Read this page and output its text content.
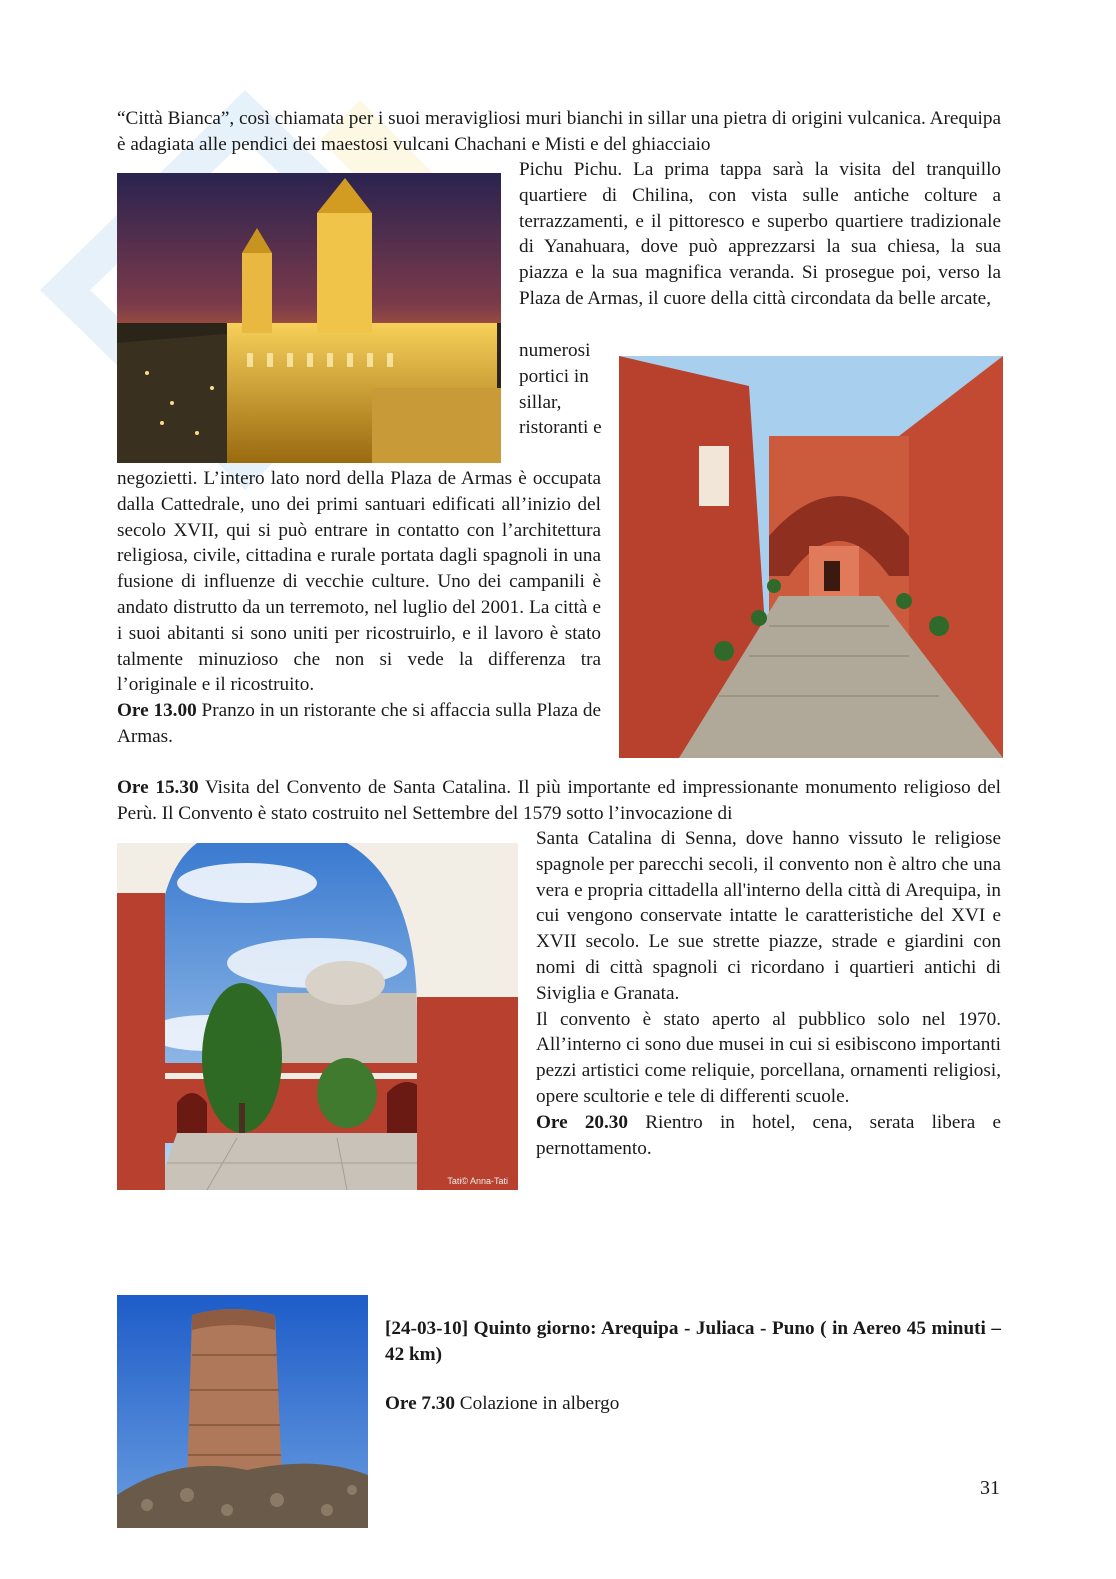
“Città Bianca”, così chiamata per i suoi meravigliosi muri bianchi in sillar una pietra di origini vulcanica. Arequipa è adagiata alle pendici dei maestosi vulcani Chachani e Misti e del ghiacciaio
Pichu Pichu. La prima tappa sarà la visita del tranquillo quartiere di Chilina, con vista sulle antiche colture a terrazzamenti, e il pittoresco e superbo quartiere tradizionale di Yanahuara, dove può apprezzarsi la sua chiesa, la sua piazza e la sua magnifica veranda. Si prosegue poi, verso la Plaza de Armas, il cuore della città circondata da belle arcate,
numerosi portici in sillar, ristoranti e
negozietti. L’intero lato nord della Plaza de Armas è occupata dalla Cattedrale, uno dei primi santuari edificati all’inizio del secolo XVII, qui si può entrare in contatto con l’architettura religiosa, civile, cittadina e rurale portata dagli spagnoli in una fusione di influenze di vecchie culture. Uno dei campanili è andato distrutto da un terremoto, nel luglio del 2001. La città e i suoi abitanti si sono uniti per ricostruirlo, e il lavoro è stato talmente minuzioso che non si vede la differenza tra l’originale e il ricostruito.
Ore 13.00 Pranzo in un ristorante che si affaccia sulla Plaza de Armas.
Ore 15.30 Visita del Convento de Santa Catalina. Il più importante ed impressionante monumento religioso del Perù. Il Convento è stato costruito nel Settembre del 1579 sotto l’invocazione di
Tati© Anna-Tati
Santa Catalina di Senna, dove hanno vissuto le religiose spagnole per parecchi secoli, il convento non è altro che una vera e propria cittadella all'interno della città di Arequipa, in cui vengono conservate intatte le caratteristiche del XVI e XVII secolo. Le sue strette piazze, strade e giardini con nomi di città spagnoli ci ricordano i quartieri antichi di Siviglia e Granata.
Il convento è stato aperto al pubblico solo nel 1970. All’interno ci sono due musei in cui si esibiscono importanti pezzi artistici come reliquie, porcellana, ornamenti religiosi, opere scultorie e tele di differenti scuole.
Ore 20.30 Rientro in hotel, cena, serata libera e pernottamento.
[24-03-10] Quinto giorno: Arequipa - Juliaca - Puno ( in Aereo 45 minuti – 42 km)
Ore 7.30 Colazione in albergo
31
